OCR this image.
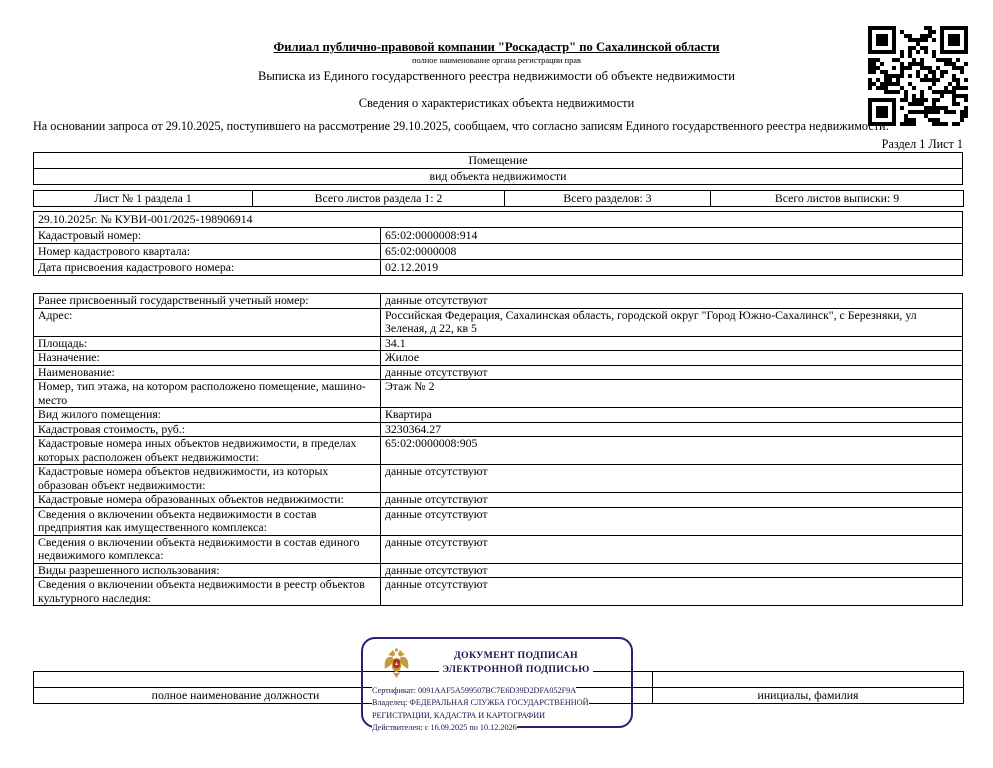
Филиал публично-правовой компании "Роскадастр" по Сахалинской области
полное наименование органа регистрации прав
Выписка из Единого государственного реестра недвижимости об объекте недвижимости
Сведения о характеристиках объекта недвижимости
На основании запроса от 29.10.2025, поступившего на рассмотрение 29.10.2025, сообщаем, что согласно записям Единого государственного реестра недвижимости:
Раздел 1 Лист 1
Помещение
вид объекта недвижимости
Лист № 1 раздела 1	Всего листов раздела 1: 2	Всего разделов: 3	Всего листов выписки: 9
29.10.2025г. № КУВИ-001/2025-198906914	
Кадастровый номер:	65:02:0000008:914
Номер кадастрового квартала:	65:02:0000008
Дата присвоения кадастрового номера:	02.12.2019
Ранее присвоенный государственный учетный номер:	данные отсутствуют
Адрес:	Российская Федерация, Сахалинская область, городской округ "Город Южно-Сахалинск", с Березняки, ул Зеленая, д 22, кв 5
Площадь:	34.1
Назначение:	Жилое
Наименование:	данные отсутствуют
Номер, тип этажа, на котором расположено помещение, машино-место	Этаж № 2
Вид жилого помещения:	Квартира
Кадастровая стоимость, руб.:	3230364.27
Кадастровые номера иных объектов недвижимости, в пределах которых расположен объект недвижимости:	65:02:0000008:905
Кадастровые номера объектов недвижимости, из которых образован объект недвижимости:	данные отсутствуют
Кадастровые номера образованных объектов недвижимости:	данные отсутствуют
Сведения о включении объекта недвижимости в состав предприятия как имущественного комплекса:	данные отсутствуют
Сведения о включении объекта недвижимости в состав единого недвижимого комплекса:	данные отсутствуют
Виды разрешенного использования:	данные отсутствуют
Сведения о включении объекта недвижимости в реестр объектов культурного наследия:	данные отсутствуют

полное наименование должности	инициалы, фамилия
ДОКУМЕНТ ПОДПИСАН
ЭЛЕКТРОННОЙ ПОДПИСЬЮ
Сертификат: 0091AAF5A599507BC7E6D39D2DFA052F9A
Владелец: ФЕДЕРАЛЬНАЯ СЛУЖБА ГОСУДАРСТВЕННОЙ РЕГИСТРАЦИИ, КАДАСТРА И КАРТОГРАФИИ
Действителен: с 16.09.2025 по 10.12.2026
